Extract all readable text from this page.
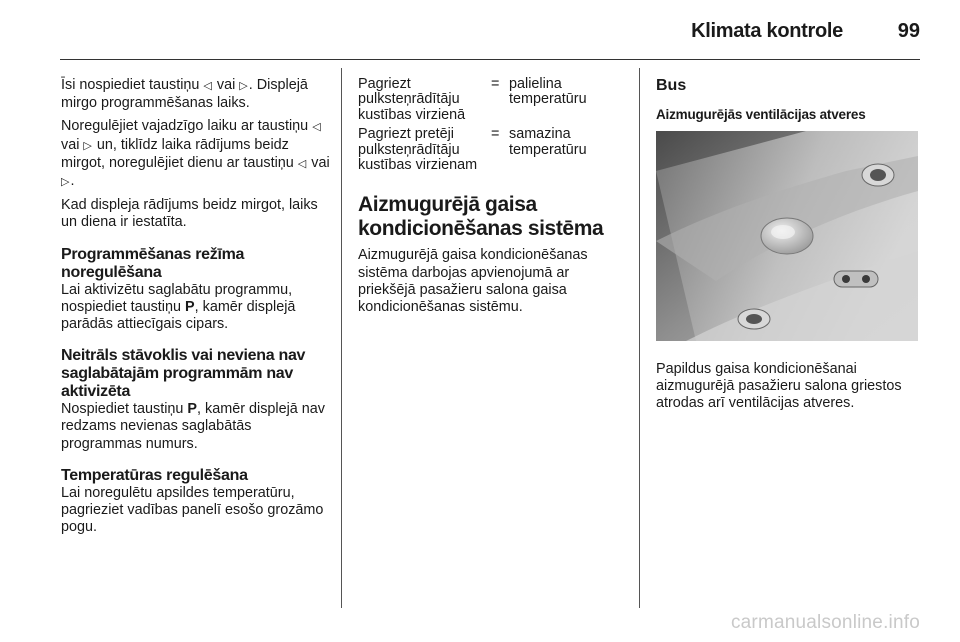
Klimata kontrole	99

Īsi nospiediet taustiņu ◁ vai ▷. Displejā mirgo programmēšanas laiks.

Noregulējiet vajadzīgo laiku ar taustiņu ◁ vai ▷ un, tiklīdz laika rādījums beidz mirgot, noregulējiet dienu ar taustiņu ◁ vai ▷.

Kad displeja rādījums beidz mirgot, laiks un diena ir iestatīta.

Programmēšanas režīma noregulēšana

Lai aktivizētu saglabātu programmu, nospiediet taustiņu P, kamēr displejā parādās attiecīgais cipars.

Neitrāls stāvoklis vai neviena nav saglabātajām programmām nav aktivizēta

Nospiediet taustiņu P, kamēr displejā nav redzams nevienas saglabātās programmas numurs.

Temperatūras regulēšana

Lai noregulētu apsildes temperatūru, pagrieziet vadības panelī esošo grozāmo pogu.

Pagriezt pulksteņrādītāju kustības virzienā	=	palielina temperatūru
Pagriezt pretēji pulksteņrādītāju kustības virzienam	=	samazina temperatūru
Aizmugurējā gaisa kondicionēšanas sistēma

Aizmugurējā gaisa kondicionēšanas sistēma darbojas apvienojumā ar priekšējā pasažieru salona gaisa kondicionēšanas sistēmu.

Bus
Aizmugurējās ventilācijas atveres

Papildus gaisa kondicionēšanai aizmugurējā pasažieru salona griestos atrodas arī ventilācijas atveres.

carmanualsonline.info
